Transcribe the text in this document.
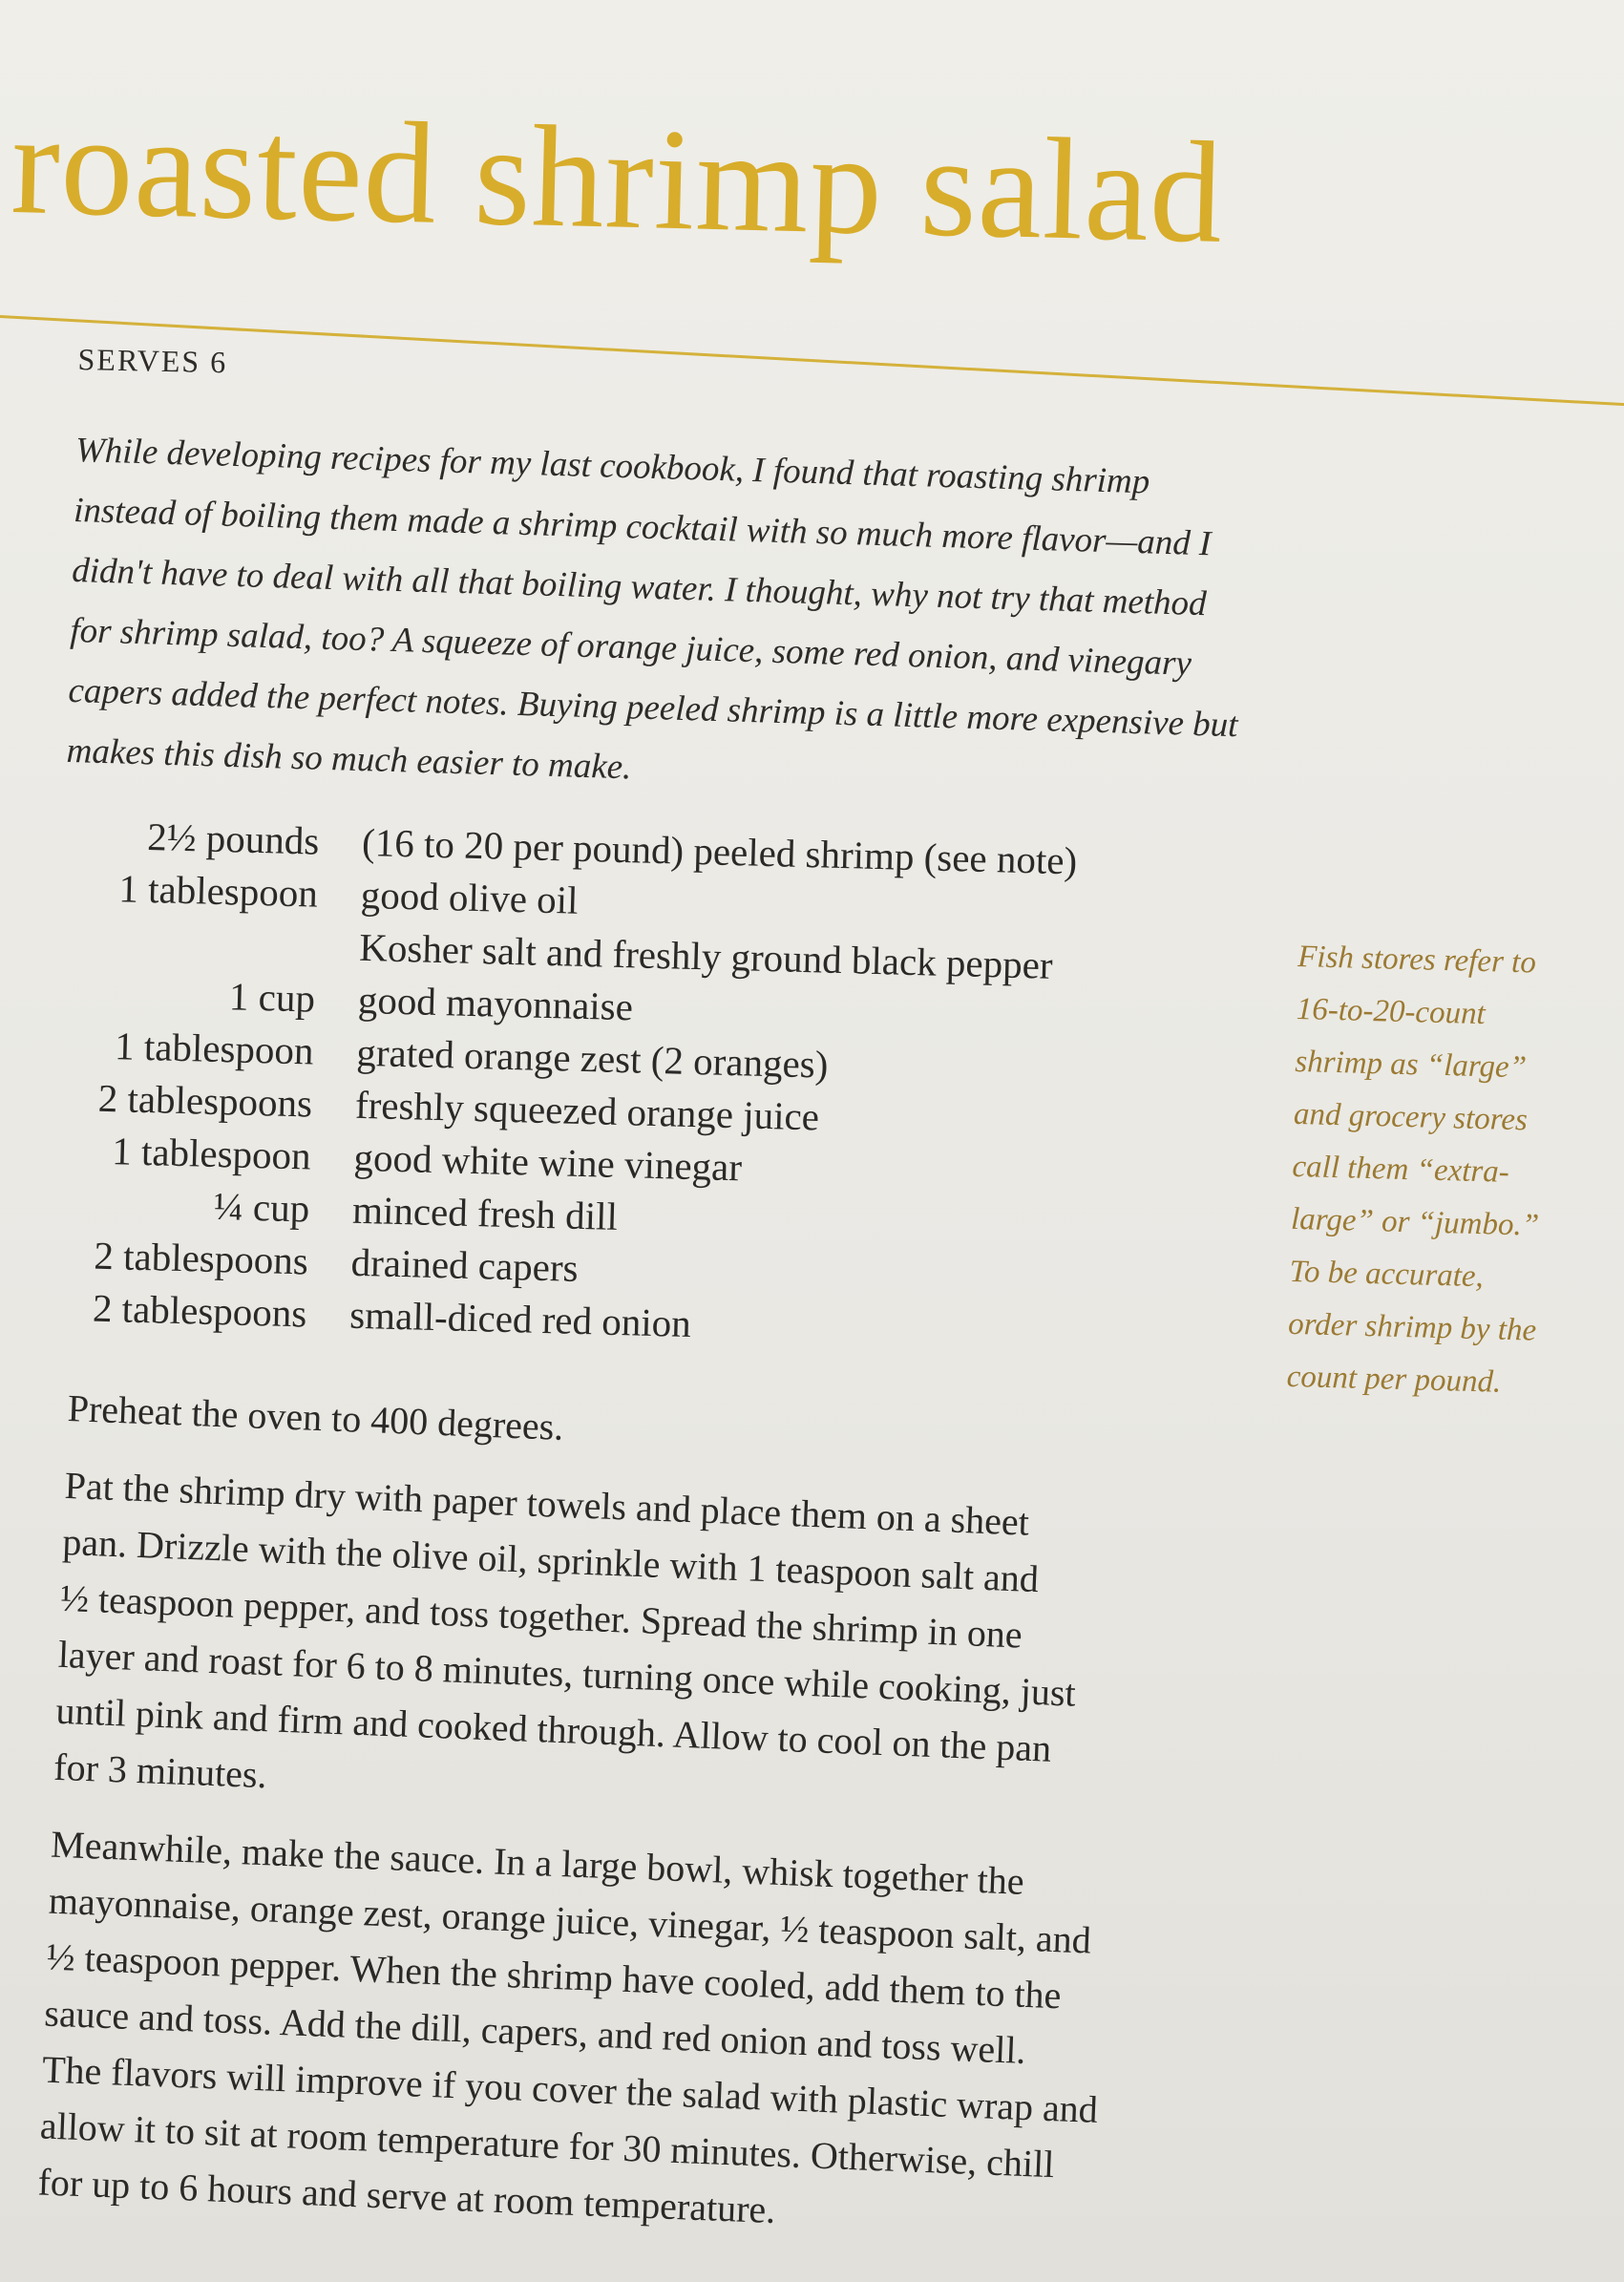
roasted shrimp salad
SERVES 6
While developing recipes for my last cookbook, I found that roasting shrimp
instead of boiling them made a shrimp cocktail with so much more flavor—and I
didn't have to deal with all that boiling water. I thought, why not try that method
for shrimp salad, too? A squeeze of orange juice, some red onion, and vinegary
capers added the perfect notes. Buying peeled shrimp is a little more expensive but
makes this dish so much easier to make.
2½ pounds	(16 to 20 per pound) peeled shrimp (see note)
1 tablespoon	good olive oil
Kosher salt and freshly ground black pepper
1 cup	good mayonnaise
1 tablespoon	grated orange zest (2 oranges)
2 tablespoons	freshly squeezed orange juice
1 tablespoon	good white wine vinegar
¼ cup	minced fresh dill
2 tablespoons	drained capers
2 tablespoons	small-diced red onion
Fish stores refer to
16-to-20-count
shrimp as “large”
and grocery stores
call them “extra-
large” or “jumbo.”
To be accurate,
order shrimp by the
count per pound.

Preheat the oven to 400 degrees.

Pat the shrimp dry with paper towels and place them on a sheet
pan. Drizzle with the olive oil, sprinkle with 1 teaspoon salt and
½ teaspoon pepper, and toss together. Spread the shrimp in one
layer and roast for 6 to 8 minutes, turning once while cooking, just
until pink and firm and cooked through. Allow to cool on the pan
for 3 minutes.

Meanwhile, make the sauce. In a large bowl, whisk together the
mayonnaise, orange zest, orange juice, vinegar, ½ teaspoon salt, and
½ teaspoon pepper. When the shrimp have cooled, add them to the
sauce and toss. Add the dill, capers, and red onion and toss well.
The flavors will improve if you cover the salad with plastic wrap and
allow it to sit at room temperature for 30 minutes. Otherwise, chill
for up to 6 hours and serve at room temperature.
